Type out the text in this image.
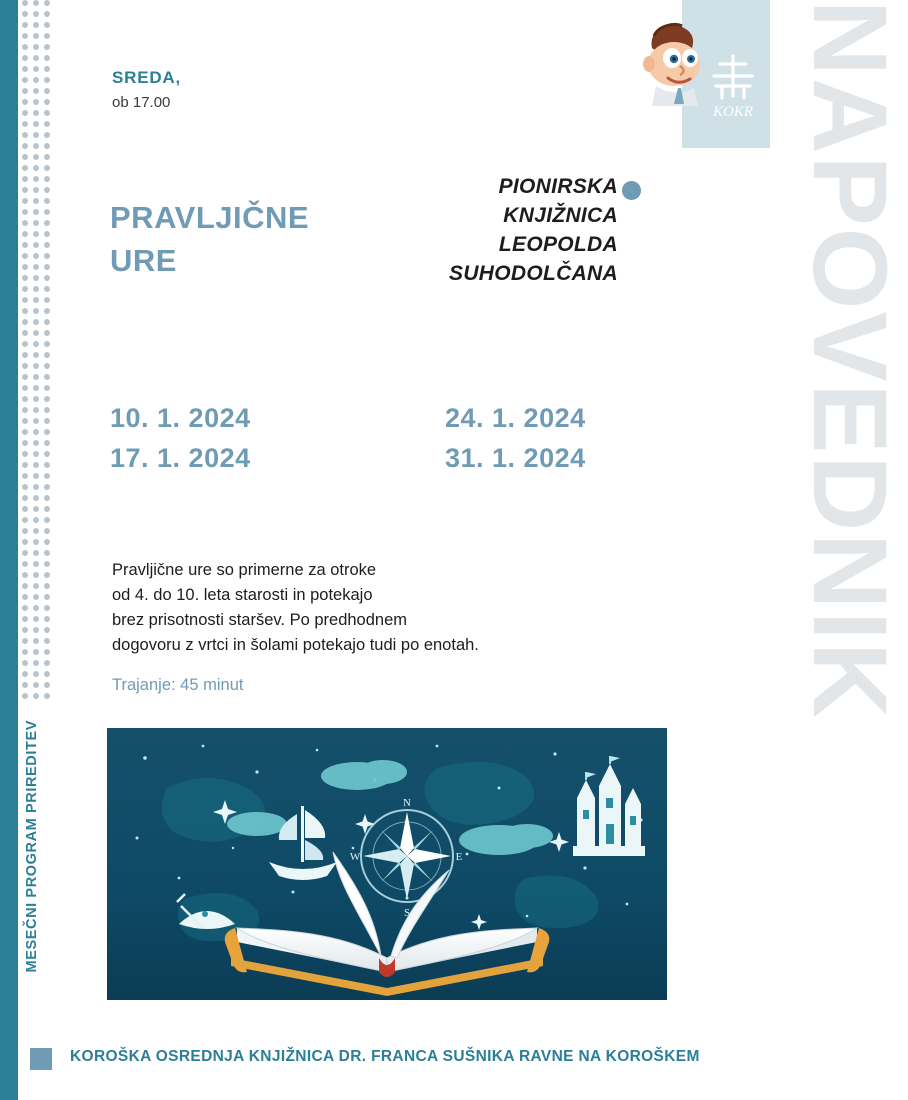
MESEČNI PROGRAM PRIREDITEV
NAPOVEDNIK
KOKR
SREDA,
ob 17.00
PRAVLJIČNE
URE
PIONIRSKA
KNJIŽNICA
LEOPOLDA
SUHODOLČANA
10. 1. 2024
17. 1. 2024
24. 1. 2024
31. 1. 2024
Pravljične ure so primerne za otroke
od 4. do 10. leta starosti in potekajo
brez prisotnosti staršev. Po predhodnem
dogovoru z vrtci in šolami potekajo tudi po enotah.
Trajanje: 45 minut
N
E
W
S
KOROŠKA OSREDNJA KNJIŽNICA DR. FRANCA SUŠNIKA RAVNE NA KOROŠKEM
